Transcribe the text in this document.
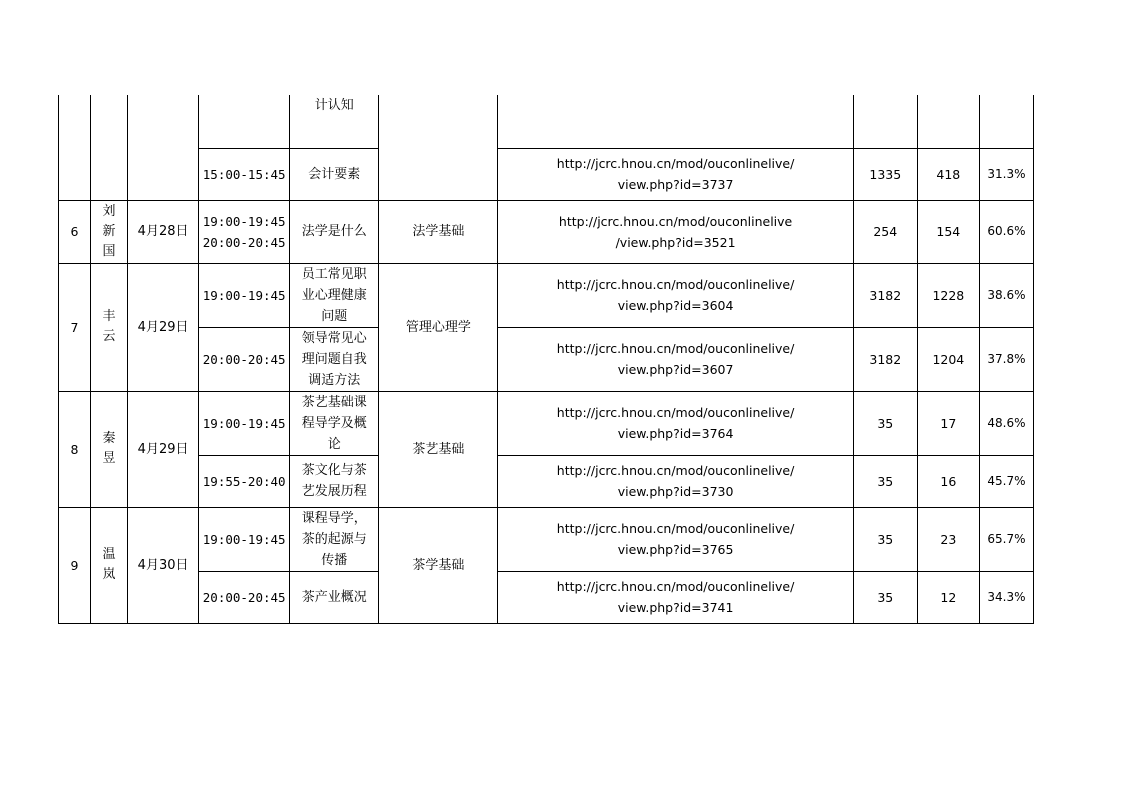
				计认知					
			15:00-15:45	会计要素		http://jcrc.hnou.cn/mod/ouconlinelive/
view.php?id=3737	1335	418	31.3%
6	刘新国	4月28日	19:00-19:45
20:00-20:45	法学是什么	法学基础	http://jcrc.hnou.cn/mod/ouconlinelive
/view.php?id=3521	254	154	60.6%
7	丰云	4月29日	19:00-19:45	员工常见职业心理健康问题	管理心理学	http://jcrc.hnou.cn/mod/ouconlinelive/
view.php?id=3604	3182	1228	38.6%
			20:00-20:45	领导常见心理问题自我调适方法		http://jcrc.hnou.cn/mod/ouconlinelive/
view.php?id=3607	3182	1204	37.8%
8	秦昱	4月29日	19:00-19:45	茶艺基础课程导学及概论	茶艺基础	http://jcrc.hnou.cn/mod/ouconlinelive/
view.php?id=3764	35	17	48.6%
			19:55-20:40	茶文化与茶艺发展历程		http://jcrc.hnou.cn/mod/ouconlinelive/
view.php?id=3730	35	16	45.7%
9	温岚	4月30日	19:00-19:45	课程导学，茶的起源与传播	茶学基础	http://jcrc.hnou.cn/mod/ouconlinelive/
view.php?id=3765	35	23	65.7%
			20:00-20:45	茶产业概况		http://jcrc.hnou.cn/mod/ouconlinelive/
view.php?id=3741	35	12	34.3%
